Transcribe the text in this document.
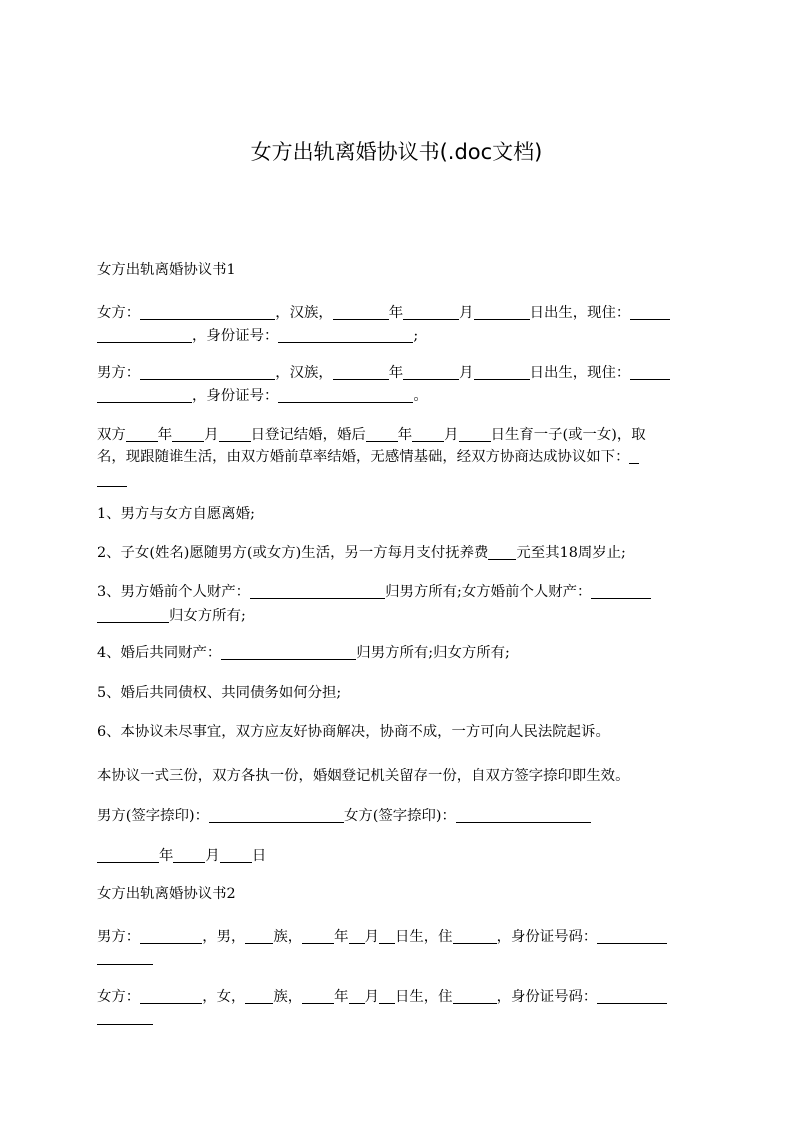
女方出轨离婚协议书(.doc文档)
女方出轨离婚协议书1
女方：	，汉族，	年	月	日出生，现住：
，身份证号：	;
男方：	，汉族，	年	月	日出生，现住：
，身份证号：	。
双方 年 月 日登记结婚，婚后 年 月 日生育一子(或一女)，取
名，现跟随谁生活，由双方婚前草率结婚，无感情基础，经双方协商达成协议如下：
1、男方与女方自愿离婚;
2、子女(姓名)愿随男方(或女方)生活，另一方每月支付抚养费 元至其18周岁止;
3、男方婚前个人财产：	归男方所有;女方婚前个人财产：
归女方所有;
4、婚后共同财产：	归男方所有;归女方所有;
5、婚后共同债权、共同债务如何分担;
6、本协议未尽事宜，双方应友好协商解决，协商不成，一方可向人民法院起诉。
本协议一式三份，双方各执一份，婚姻登记机关留存一份，自双方签字捺印即生效。
男方(签字捺印)：	女方(签字捺印)：
年 月 日
女方出轨离婚协议书2
男方：	，男， 族， 年 月 日生，住	，身份证号码：
女方：	，女， 族， 年 月 日生，住	，身份证号码：
